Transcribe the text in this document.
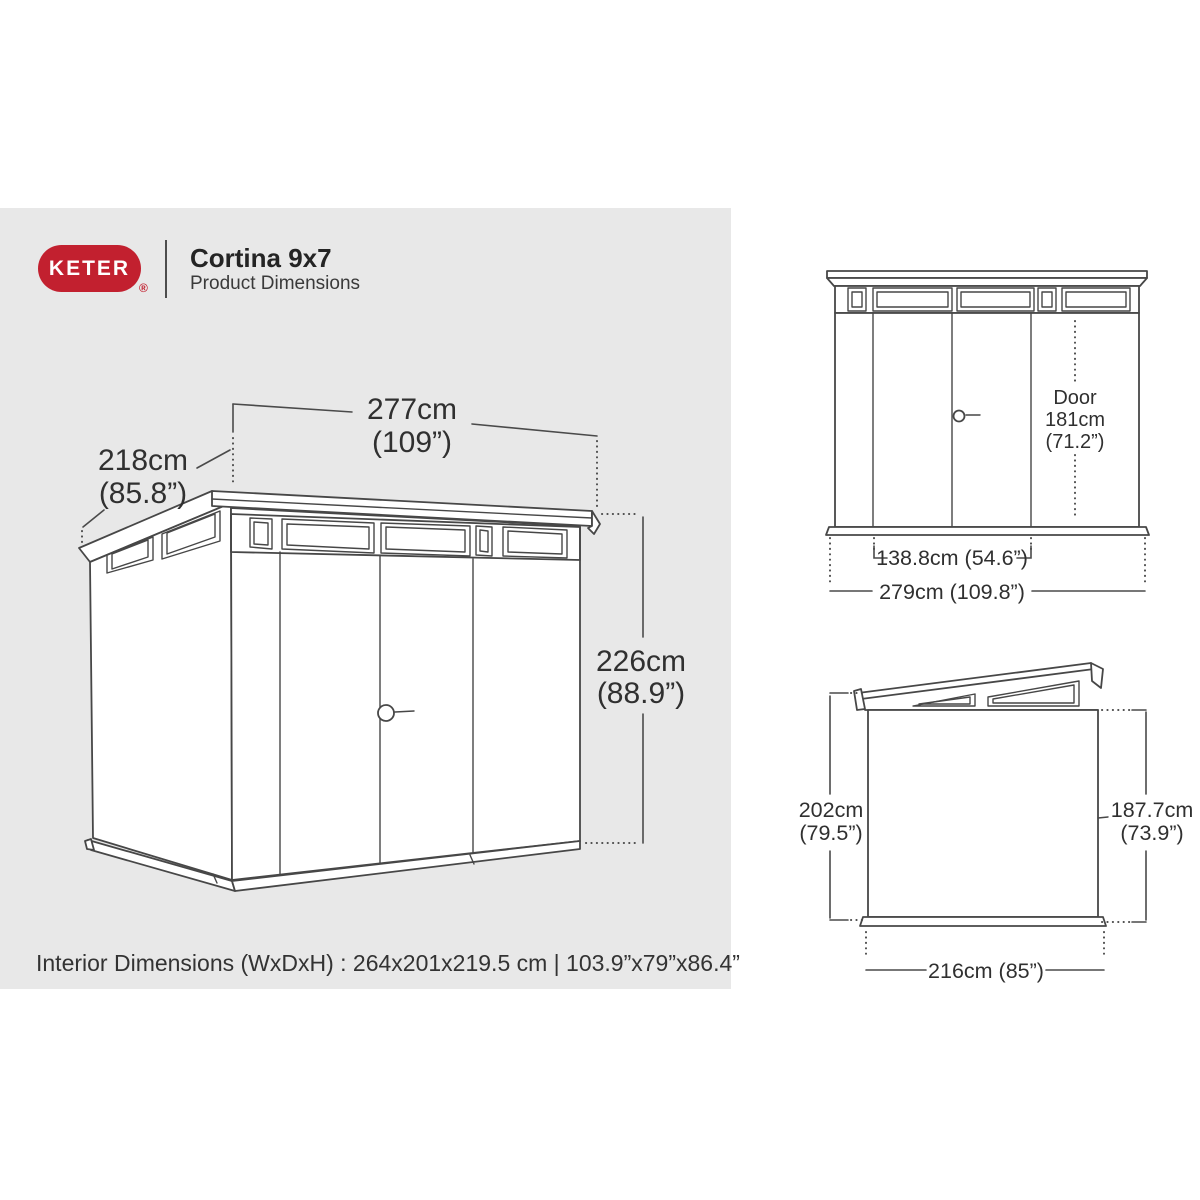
KETER
®
Cortina 9x7
Product Dimensions
277cm
(109”)
218cm
(85.8”)
226cm
(88.9”)
Door
181cm
(71.2”)
138.8cm (54.6”)
279cm (109.8”)
202cm
(79.5”)
187.7cm
(73.9”)
216cm (85”)
Interior Dimensions (WxDxH) : 264x201x219.5 cm | 103.9”x79”x86.4”
